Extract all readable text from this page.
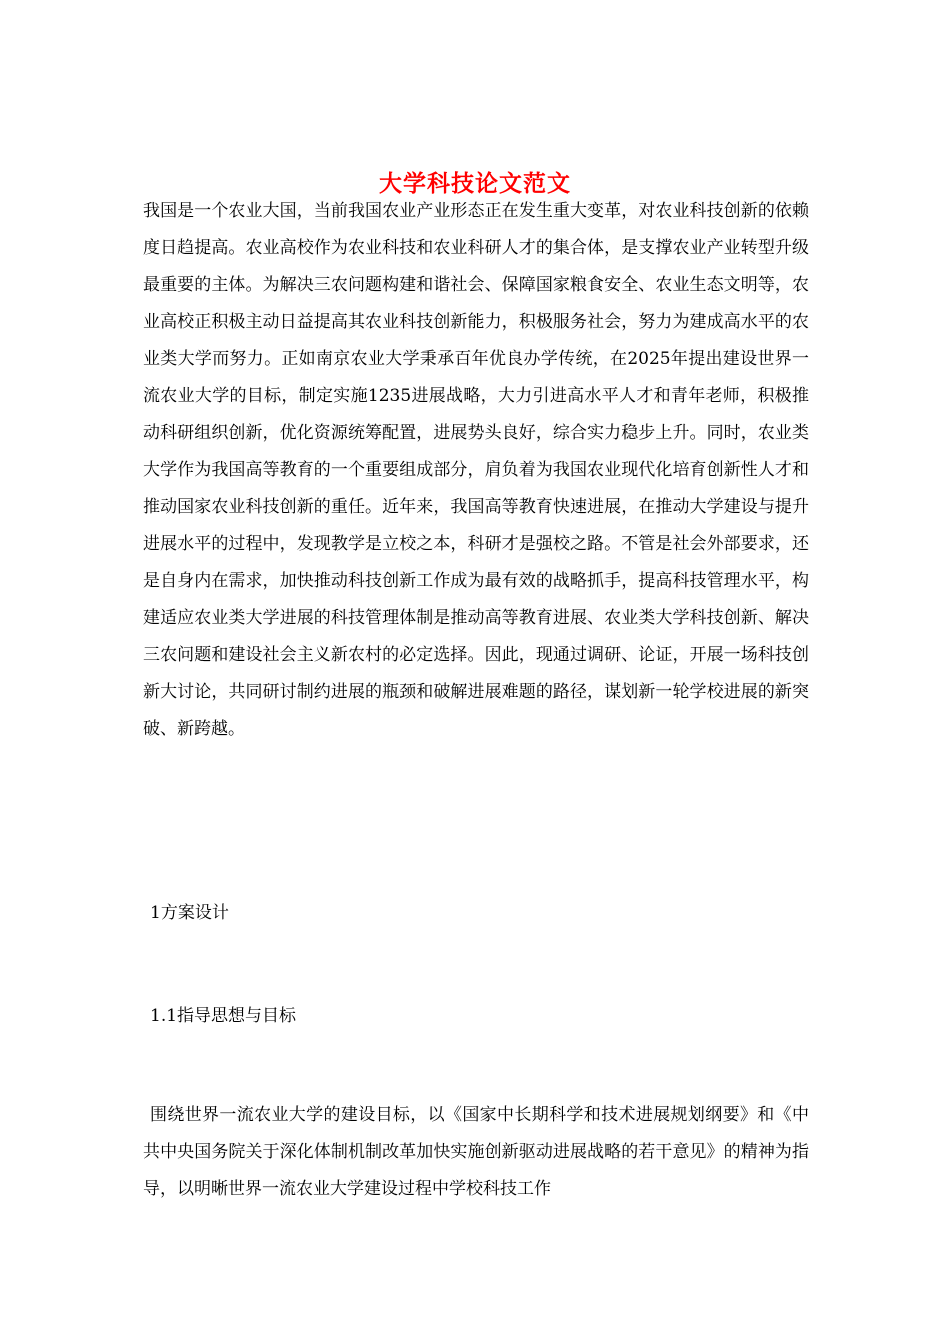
大学科技论文范文

我国是一个农业大国，当前我国农业产业形态正在发生重大变革，对农业科技创新的依赖度日趋提高。农业高校作为农业科技和农业科研人才的集合体，是支撑农业产业转型升级最重要的主体。为解决三农问题构建和谐社会、保障国家粮食安全、农业生态文明等，农业高校正积极主动日益提高其农业科技创新能力，积极服务社会，努力为建成高水平的农业类大学而努力。正如南京农业大学秉承百年优良办学传统，在2025年提出建设世界一流农业大学的目标，制定实施1235进展战略，大力引进高水平人才和青年老师，积极推动科研组织创新，优化资源统筹配置，进展势头良好，综合实力稳步上升。同时，农业类大学作为我国高等教育的一个重要组成部分，肩负着为我国农业现代化培育创新性人才和推动国家农业科技创新的重任。近年来，我国高等教育快速进展，在推动大学建设与提升进展水平的过程中，发现教学是立校之本，科研才是强校之路。不管是社会外部要求，还是自身内在需求，加快推动科技创新工作成为最有效的战略抓手，提高科技管理水平，构建适应农业类大学进展的科技管理体制是推动高等教育进展、农业类大学科技创新、解决三农问题和建设社会主义新农村的必定选择。因此，现通过调研、论证，开展一场科技创新大讨论，共同研讨制约进展的瓶颈和破解进展难题的路径，谋划新一轮学校进展的新突破、新跨越。

1方案设计

1.1指导思想与目标

围绕世界一流农业大学的建设目标，以《国家中长期科学和技术进展规划纲要》和《中共中央国务院关于深化体制机制改革加快实施创新驱动进展战略的若干意见》的精神为指导，以明晰世界一流农业大学建设过程中学校科技工作
